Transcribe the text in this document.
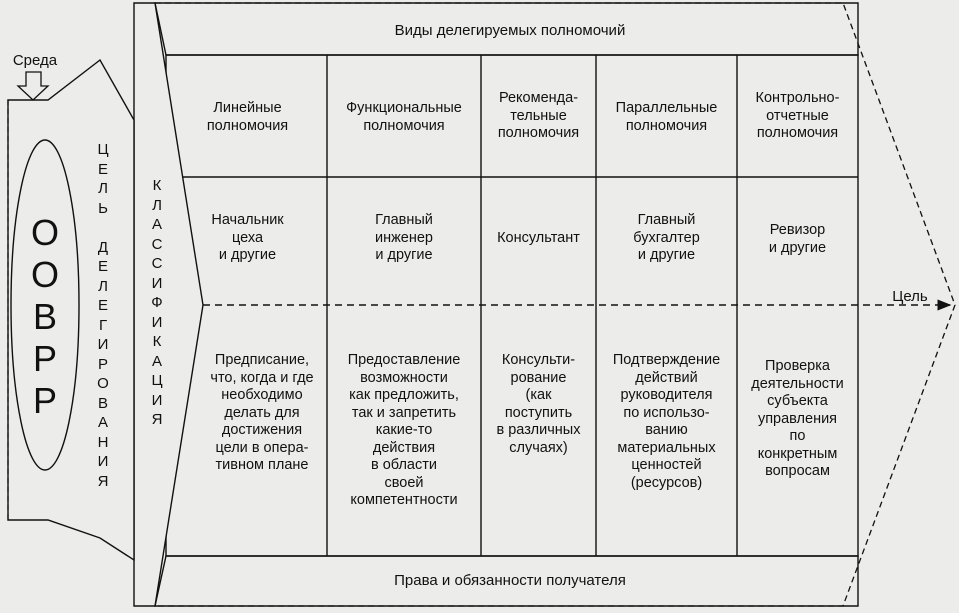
Среда
О
О
В
Р
Р
Ц
Е
Л
Ь

Д
Е
Л
Е
Г
И
Р
О
В
А
Н
И
Я
К
Л
А
С
С
И
Ф
И
К
А
Ц
И
Я
Цель
Виды делегируемых полномочий
Права и обязанности получателя
Линейные
полномочия
Функциональные
полномочия
Рекоменда-
тельные
полномочия
Параллельные
полномочия
Контрольно-
отчетные
полномочия
Начальник
цеха
и другие
Главный
инженер
и другие
Консультант
Главный
бухгалтер
и другие
Ревизор
и другие
Предписание,
что, когда и где
необходимо
делать для
достижения
цели в опера-
тивном плане
Предоставление
возможности
как предложить,
так и запретить
какие-то
действия
в области
своей
компетентности
Консульти-
рование
(как
поступить
в различных
случаях)
Подтверждение
действий
руководителя
по использо-
ванию
материальных
ценностей
(ресурсов)
Проверка
деятельности
субъекта
управления
по
конкретным
вопросам
